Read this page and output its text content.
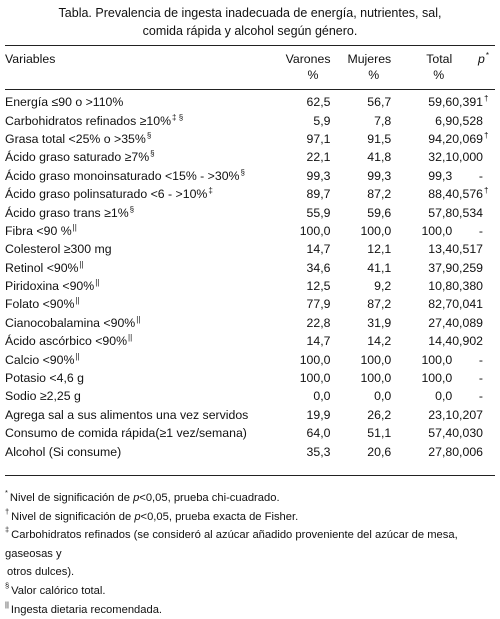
Tabla. Prevalencia de ingesta inadecuada de energía, nutrientes, sal,
comida rápida y alcohol según género.
Variables		Varones	Mujeres	Total	p*
		%	%	%	

Energía ≤90 o >110%		62,5	56,7	59,6	0,391†
Carbohidratos refinados ≥10%‡ §		5,9	7,8	6,9	0,528
Grasa total <25% o >35%§		97,1	91,5	94,2	0,069†
Ácido graso saturado ≥7%§		22,1	41,8	32,1	0,000
Ácido graso monoinsaturado <15% - >30%§		99,3	99,3	99,3	-
Ácido graso polinsaturado <6 - >10%‡		89,7	87,2	88,4	0,576†
Ácido graso trans ≥1%§		55,9	59,6	57,8	0,534
Fibra <90 %||		100,0	100,0	100,0	-
Colesterol ≥300 mg		14,7	12,1	13,4	0,517
Retinol <90%||		34,6	41,1	37,9	0,259
Piridoxina <90%||		12,5	9,2	10,8	0,380
Folato <90%||		77,9	87,2	82,7	0,041
Cianocobalamina <90%||		22,8	31,9	27,4	0,089
Ácido ascórbico <90%||		14,7	14,2	14,4	0,902
Calcio <90%||		100,0	100,0	100,0	-
Potasio <4,6 g		100,0	100,0	100,0	-
Sodio ≥2,25 g		0,0	0,0	0,0	-
Agrega sal a sus alimentos una vez servidos		19,9	26,2	23,1	0,207
Consumo de comida rápida(≥1 vez/semana)		64,0	51,1	57,4	0,030
Alcohol (Si consume)		35,3	20,6	27,8	0,006
* Nivel de significación de p<0,05, prueba chi-cuadrado.
† Nivel de significación de p<0,05, prueba exacta de Fisher.
‡ Carbohidratos refinados (se consideró al azúcar añadido proveniente del azúcar de mesa, gaseosas y
otros dulces).
§ Valor calórico total.
|| Ingesta dietaria recomendada.
